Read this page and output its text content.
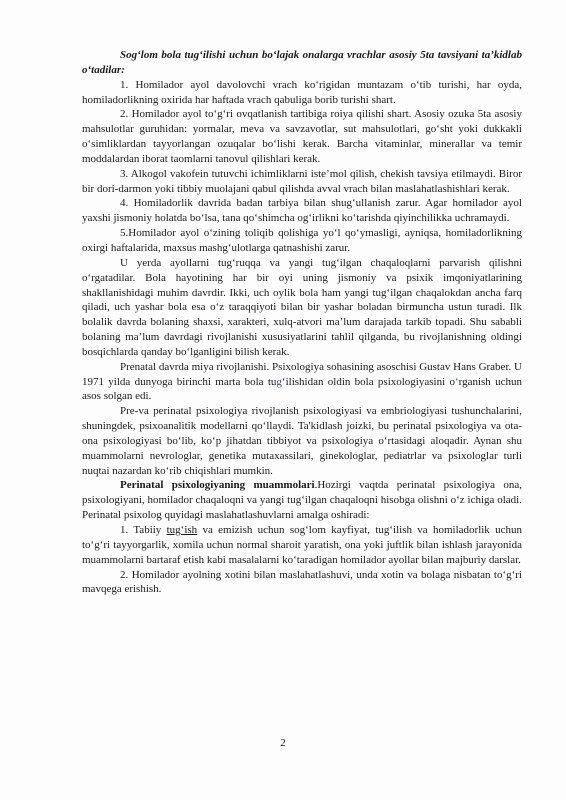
Sog‘lom bola tug‘ilishi uchun bo‘lajak onalarga vrachlar asosiy 5ta tavsiyani ta’kidlab o‘tadilar:

1. Homilador ayol davolovchi vrach ko‘rigidan muntazam o‘tib turishi, har oyda, homiladorlikning oxirida har haftada vrach qabuliga borib turishi shart.

2. Homilador ayol to‘g‘ri ovqatlanish tartibiga roiya qilishi shart. Asosiy ozuka 5ta asosiy mahsulotlar guruhidan: yormalar, meva va savzavotlar, sut mahsulotlari, go‘sht yoki dukkakli o‘simliklardan tayyorlangan ozuqalar bo‘lishi kerak. Barcha vitaminlar, minerallar va temir moddalardan iborat taomlarni tanovul qilishlari kerak.

3. Alkogol vakofein tutuvchi ichimliklarni iste’mol qilish, chekish tavsiya etilmaydi. Biror bir dori-darmon yoki tibbiy muolajani qabul qilishda avval vrach bilan maslahatlashishlari kerak.

4. Homiladorlik davrida badan tarbiya bilan shug‘ullanish zarur. Agar homilador ayol yaxshi jismoniy holatda bo‘lsa, tana qo‘shimcha og‘irlikni ko‘tarishda qiyinchilikka uchramaydi.

5.Homilador ayol o‘zining toliqib qolishiga yo‘l qo‘ymasligi, ayniqsa, homiladorlikning oxirgi haftalarida, maxsus mashg‘ulotlarga qatnashishi zarur.

U yerda ayollarni tug‘ruqqa va yangi tug‘ilgan chaqaloqlarni parvarish qilishni o‘rgatadilar. Bola hayotining har bir oyi uning jismoniy va psixik imqoniyatlarining shakllanishidagi muhim davrdir. Ikki, uch oylik bola ham yangi tug‘ilgan chaqalokdan ancha farq qiladi, uch yashar bola esa o‘z taraqqiyoti bilan bir yashar boladan birmuncha ustun turadi. Ilk bolalik davrda bolaning shaxsi, xarakteri, xulq-atvori ma’lum darajada tarkib topadi. Shu sababli bolaning ma’lum davrdagi rivojlanishi xususiyatlarini tahlil qilganda, bu rivojlanishning oldingi bosqichlarda qanday bo‘lganligini bilish kerak.

Prenatal davrda miya rivojlanishi. Psixologiya sohasining asoschisi Gustav Hans Graber. U 1971 yilda dunyoga birinchi marta bola tug‘ilishidan oldin bola psixologiyasini o‘rganish uchun asos solgan edi.

Pre-va perinatal psixologiya rivojlanish psixologiyasi va embriologiyasi tushunchalarini, shuningdek, psixoanalitik modellarni qo‘llaydi. Ta'kidlash joizki, bu perinatal psixologiya va ota-ona psixologiyasi bo‘lib, ko‘p jihatdan tibbiyot va psixologiya o‘rtasidagi aloqadir. Aynan shu muammolarni nevrologlar, genetika mutaxassilari, ginekologlar, pediatrlar va psixologlar turli nuqtai nazardan ko‘rib chiqishlari mumkin.

Perinatal psixologiyaning muammolari.Hozirgi vaqtda perinatal psixologiya ona, psixologiyani, homilador chaqaloqni va yangi tug‘ilgan chaqaloqni hisobga olishni o‘z ichiga oladi. Perinatal psixolog quyidagi maslahatlashuvlarni amalga oshiradi:

1. Tabiiy tug‘ish va emizish uchun sog‘lom kayfiyat, tug‘ilish va homiladorlik uchun to‘g‘ri tayyorgarlik, xomila uchun normal sharoit yaratish, ona yoki juftlik bilan ishlash jarayonida muammolarni bartaraf etish kabi masalalarni ko‘taradigan homilador ayollar bilan majburiy darslar.

2. Homilador ayolning xotini bilan maslahatlashuvi, unda xotin va bolaga nisbatan to‘g‘ri mavqega erishish.

2
